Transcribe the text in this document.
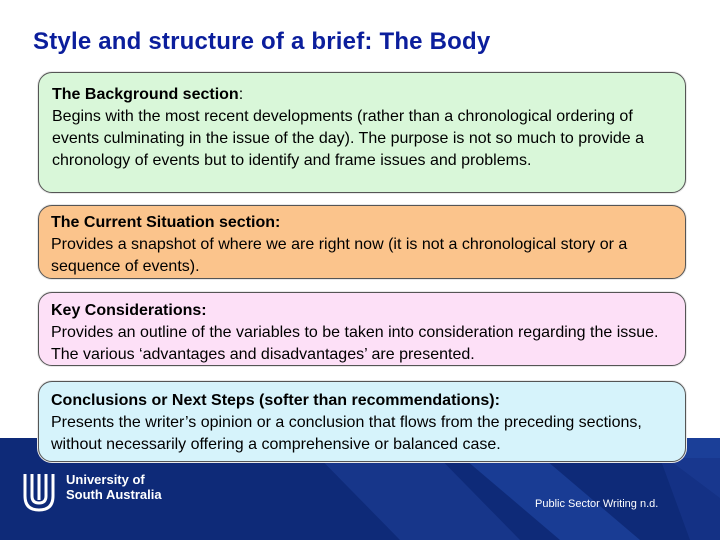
Style and structure of a brief: The Body
The Background section:
Begins with the most recent developments (rather than a chronological ordering of events culminating in the issue of the day). The purpose is not so much to provide a chronology of events but to identify and frame issues and problems.
The Current Situation section:
Provides a snapshot of where we are right now (it is not a chronological story or a sequence of events).
Key Considerations:
Provides an outline of the variables to be taken into consideration regarding the issue. The various ‘advantages and disadvantages’ are presented.
Conclusions or Next Steps (softer than recommendations):
Presents the writer’s opinion or a conclusion that flows from the preceding sections, without necessarily offering a comprehensive or balanced case.
University of
South Australia
Public Sector Writing n.d.
